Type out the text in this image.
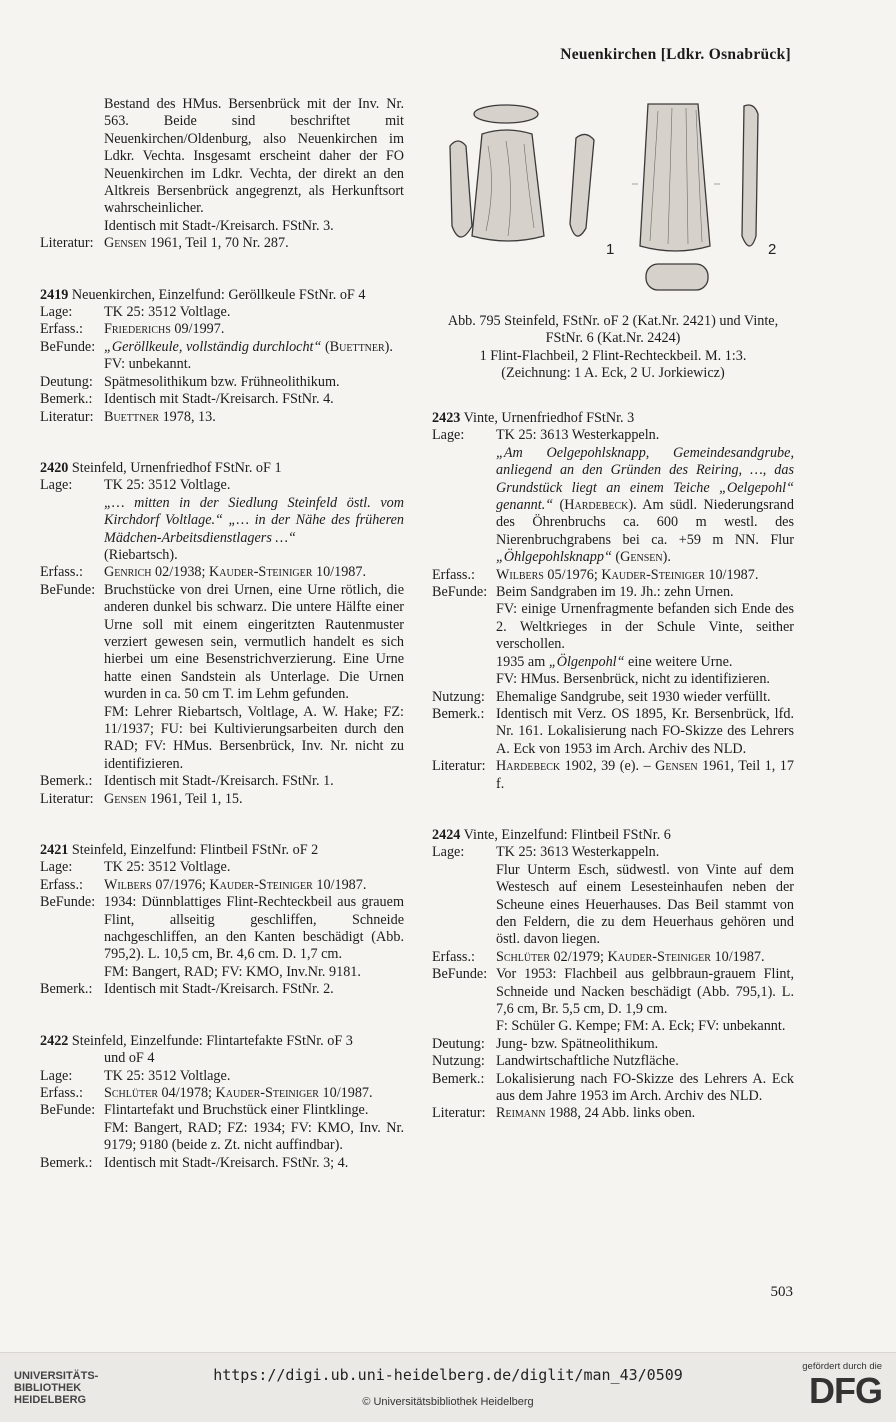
Neuenkirchen [Ldkr. Osnabrück]
Bestand des HMus. Bersenbrück mit der Inv. Nr. 563. Beide sind beschriftet mit Neuenkirchen/Oldenburg, also Neuenkirchen im Ldkr. Vechta. Insgesamt erscheint daher der FO Neuenkirchen im Ldkr. Vechta, der direkt an den Altkreis Bersenbrück angegrenzt, als Herkunftsort wahrscheinlicher.
Identisch mit Stadt-/Kreisarch. FStNr. 3.
Literatur: Gensen 1961, Teil 1, 70 Nr. 287.
2419 Neuenkirchen, Einzelfund: Geröllkeule FStNr. oF 4
Lage:	TK 25: 3512 Voltlage.
Erfass.:	Friederichs 09/1997.
BeFunde: „Geröllkeule, vollständig durchlocht“ (Buettner).
FV: unbekannt.
Deutung: Spätmesolithikum bzw. Frühneolithikum.
Bemerk.: Identisch mit Stadt-/Kreisarch. FStNr. 4.
Literatur: Buettner 1978, 13.
2420 Steinfeld, Urnenfriedhof FStNr. oF 1
Lage:	TK 25: 3512 Voltlage.
„… mitten in der Siedlung Steinfeld östl. vom Kirchdorf Voltlage.“ „… in der Nähe des früheren Mädchen-Arbeitsdienstlagers …“
(Riebartsch).
Erfass.:	Genrich 02/1938; Kauder-Steiniger 10/1987.
BeFunde: Bruchstücke von drei Urnen, eine Urne rötlich, die anderen dunkel bis schwarz. Die untere Hälfte einer Urne soll mit einem eingeritzten Rautenmuster verziert gewesen sein, vermutlich handelt es sich hierbei um eine Besenstrichverzierung. Eine Urne hatte einen Sandstein als Unterlage. Die Urnen wurden in ca. 50 cm T. im Lehm gefunden.
FM: Lehrer Riebartsch, Voltlage, A. W. Hake; FZ: 11/1937; FU: bei Kultivierungsarbeiten durch den RAD; FV: HMus. Bersenbrück, Inv. Nr. nicht zu identifizieren.
Bemerk.: Identisch mit Stadt-/Kreisarch. FStNr. 1.
Literatur: Gensen 1961, Teil 1, 15.
2421 Steinfeld, Einzelfund: Flintbeil FStNr. oF 2
Lage:	TK 25: 3512 Voltlage.
Erfass.:	Wilbers 07/1976; Kauder-Steiniger 10/1987.
BeFunde: 1934: Dünnblattiges Flint-Rechteckbeil aus grauem Flint, allseitig geschliffen, Schneide nachgeschliffen, an den Kanten beschädigt (Abb. 795,2). L. 10,5 cm, Br. 4,6 cm. D. 1,7 cm.
FM: Bangert, RAD; FV: KMO, Inv.Nr. 9181.
Bemerk.: Identisch mit Stadt-/Kreisarch. FStNr. 2.
2422 Steinfeld, Einzelfunde: Flintartefakte FStNr. oF 3
und oF 4
Lage:	TK 25: 3512 Voltlage.
Erfass.:	Schlüter 04/1978; Kauder-Steiniger 10/1987.
BeFunde: Flintartefakt und Bruchstück einer Flintklinge.
FM: Bangert, RAD; FZ: 1934; FV: KMO, Inv. Nr. 9179; 9180 (beide z. Zt. nicht auffindbar).
Bemerk.: Identisch mit Stadt-/Kreisarch. FStNr. 3; 4.
1	2
Abb. 795 Steinfeld, FStNr. oF 2 (Kat.Nr. 2421) und Vinte, FStNr. 6 (Kat.Nr. 2424)
1 Flint-Flachbeil, 2 Flint-Rechteckbeil. M. 1:3.
(Zeichnung: 1 A. Eck, 2 U. Jorkiewicz)
2423 Vinte, Urnenfriedhof FStNr. 3
Lage:	TK 25: 3613 Westerkappeln.
„Am Oelgepohlsknapp, Gemeindesandgrube, anliegend an den Gründen des Reiring, …, das Grundstück liegt an einem Teiche „Oelgepohl“ genannt.“ (Hardebeck). Am südl. Niederungsrand des Öhrenbruchs ca. 600 m westl. des Nierenbruchgrabens bei ca. +59 m NN. Flur „Öhlgepohlsknapp“ (Gensen).
Erfass.:	Wilbers 05/1976; Kauder-Steiniger 10/1987.
BeFunde: Beim Sandgraben im 19. Jh.: zehn Urnen.
FV: einige Urnenfragmente befanden sich Ende des 2. Weltkrieges in der Schule Vinte, seither verschollen.
1935 am „Ölgenpohl“ eine weitere Urne.
FV: HMus. Bersenbrück, nicht zu identifizieren.
Nutzung: Ehemalige Sandgrube, seit 1930 wieder verfüllt.
Bemerk.: Identisch mit Verz. OS 1895, Kr. Bersenbrück, lfd. Nr. 161. Lokalisierung nach FO-Skizze des Lehrers A. Eck von 1953 im Arch. Archiv des NLD.
Literatur: Hardebeck 1902, 39 (e). – Gensen 1961, Teil 1, 17 f.
2424 Vinte, Einzelfund: Flintbeil FStNr. 6
Lage:	TK 25: 3613 Westerkappeln.
Flur Unterm Esch, südwestl. von Vinte auf dem Westesch auf einem Lesesteinhaufen neben der Scheune eines Heuerhauses. Das Beil stammt von den Feldern, die zu dem Heuerhaus gehören und östl. davon liegen.
Erfass.:	Schlüter 02/1979; Kauder-Steiniger 10/1987.
BeFunde: Vor 1953: Flachbeil aus gelbbraun-grauem Flint, Schneide und Nacken beschädigt (Abb. 795,1). L. 7,6 cm, Br. 5,5 cm, D. 1,9 cm.
F: Schüler G. Kempe; FM: A. Eck; FV: unbekannt.
Deutung: Jung- bzw. Spätneolithikum.
Nutzung: Landwirtschaftliche Nutzfläche.
Bemerk.: Lokalisierung nach FO-Skizze des Lehrers A. Eck aus dem Jahre 1953 im Arch. Archiv des NLD.
Literatur: Reimann 1988, 24 Abb. links oben.
503
UNIVERSITÄTS-
BIBLIOTHEK
HEIDELBERG
https://digi.ub.uni-heidelberg.de/diglit/man_43/0509
© Universitätsbibliothek Heidelberg
gefördert durch die
DFG
